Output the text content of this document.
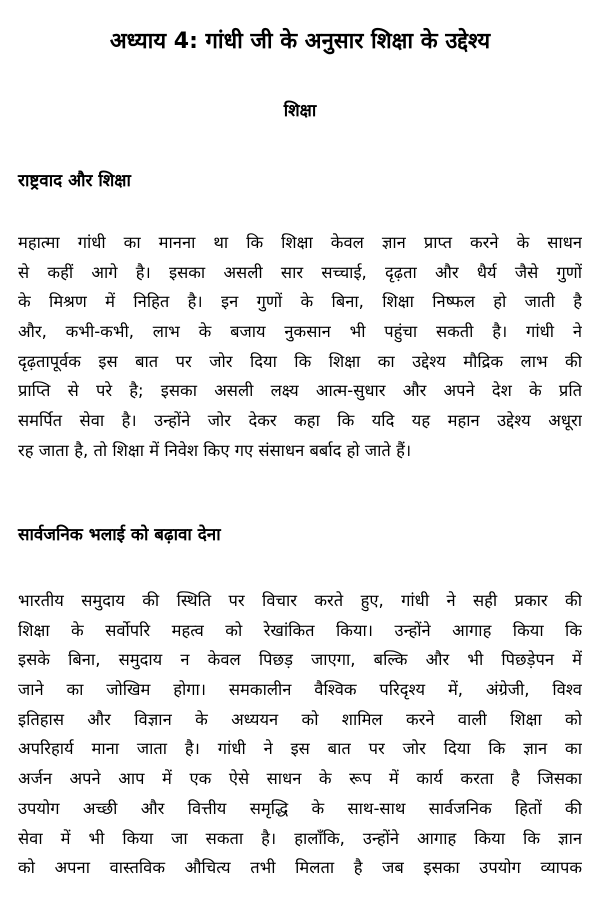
अध्याय 4: गांधी जी के अनुसार शिक्षा के उद्देश्य
शिक्षा
राष्ट्रवाद और शिक्षा
महात्मा गांधी का मानना था कि शिक्षा केवल ज्ञान प्राप्त करने के साधन
से कहीं आगे है। इसका असली सार सच्चाई, दृढ़ता और धैर्य जैसे गुणों
के मिश्रण में निहित है। इन गुणों के बिना, शिक्षा निष्फल हो जाती है
और, कभी-कभी, लाभ के बजाय नुकसान भी पहुंचा सकती है। गांधी ने
दृढ़तापूर्वक इस बात पर जोर दिया कि शिक्षा का उद्देश्य मौद्रिक लाभ की
प्राप्ति से परे है; इसका असली लक्ष्य आत्म-सुधार और अपने देश के प्रति
समर्पित सेवा है। उन्होंने जोर देकर कहा कि यदि यह महान उद्देश्य अधूरा
रह जाता है, तो शिक्षा में निवेश किए गए संसाधन बर्बाद हो जाते हैं।
सार्वजनिक भलाई को बढ़ावा देना
भारतीय समुदाय की स्थिति पर विचार करते हुए, गांधी ने सही प्रकार की
शिक्षा के सर्वोपरि महत्व को रेखांकित किया। उन्होंने आगाह किया कि
इसके बिना, समुदाय न केवल पिछड़ जाएगा, बल्कि और भी पिछड़ेपन में
जाने का जोखिम होगा। समकालीन वैश्विक परिदृश्य में, अंग्रेजी, विश्व
इतिहास और विज्ञान के अध्ययन को शामिल करने वाली शिक्षा को
अपरिहार्य माना जाता है। गांधी ने इस बात पर जोर दिया कि ज्ञान का
अर्जन अपने आप में एक ऐसे साधन के रूप में कार्य करता है जिसका
उपयोग अच्छी और वित्तीय समृद्धि के साथ-साथ सार्वजनिक हितों की
सेवा में भी किया जा सकता है। हालाँकि, उन्होंने आगाह किया कि ज्ञान
को अपना वास्तविक औचित्य तभी मिलता है जब इसका उपयोग व्यापक
